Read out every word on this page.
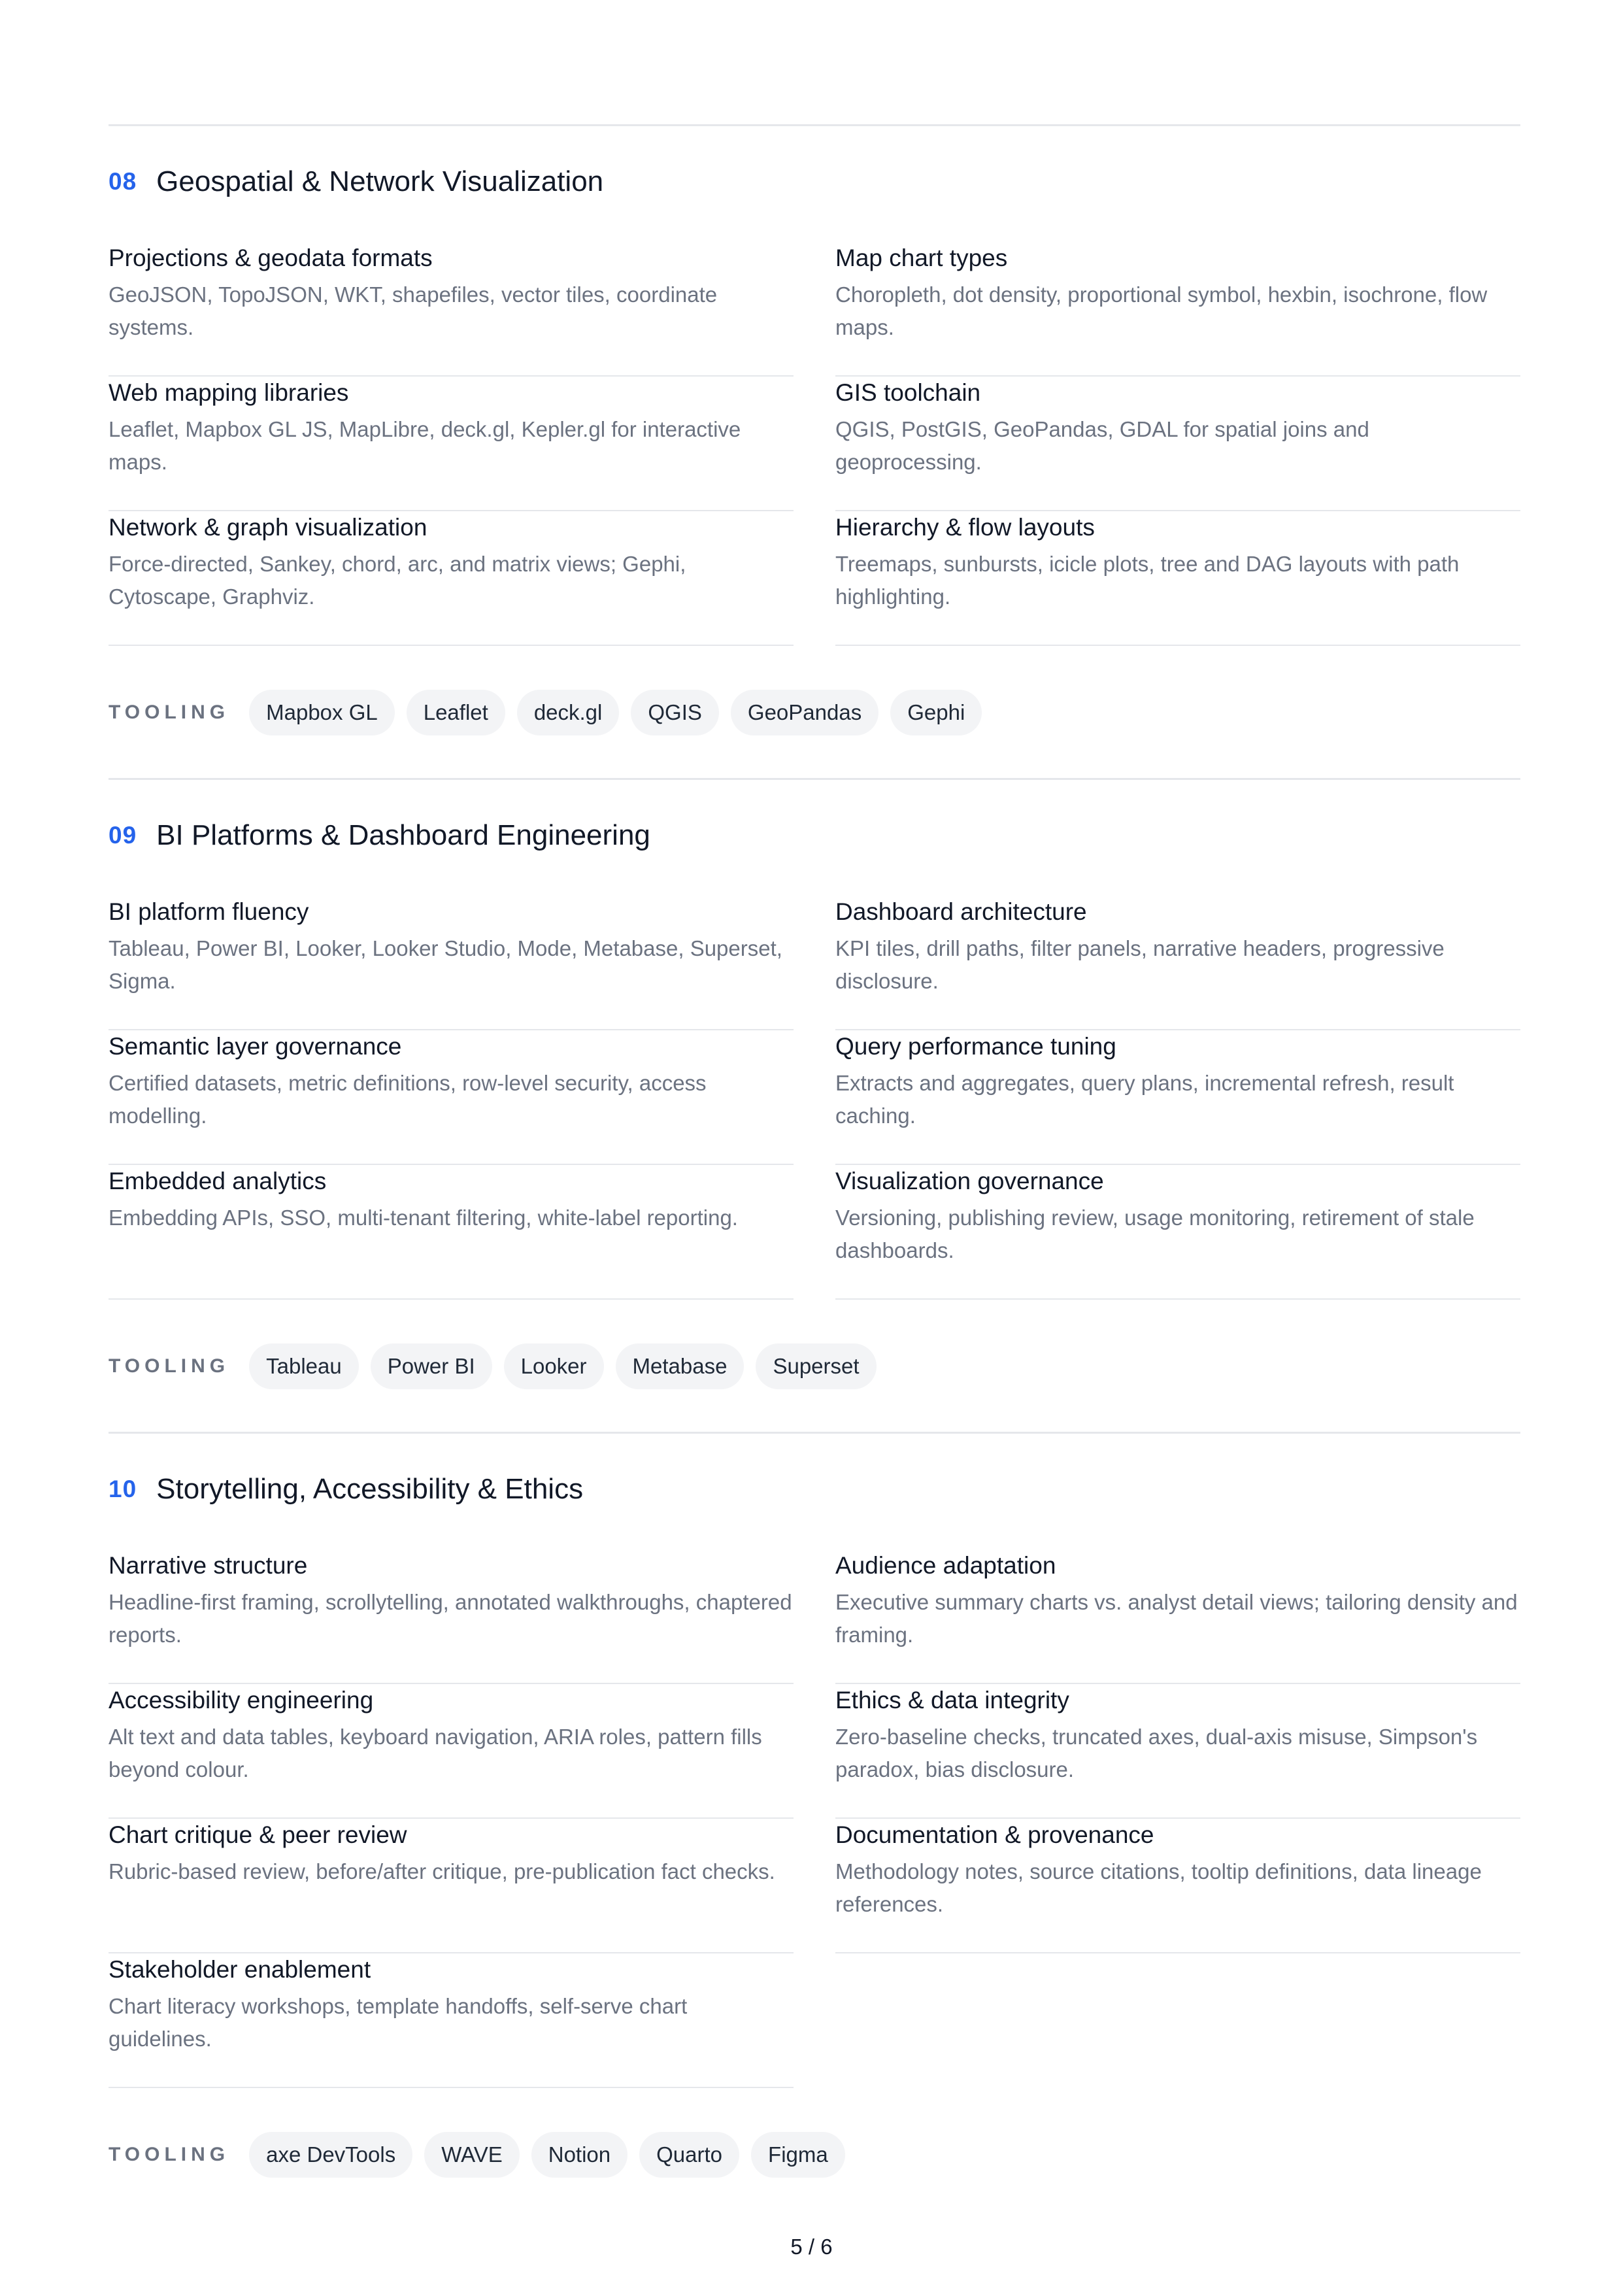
08 Geospatial & Network Visualization
Projections & geodata formats
GeoJSON, TopoJSON, WKT, shapefiles, vector tiles, coordinate systems.
Map chart types
Choropleth, dot density, proportional symbol, hexbin, isochrone, flow maps.
Web mapping libraries
Leaflet, Mapbox GL JS, MapLibre, deck.gl, Kepler.gl for interactive maps.
GIS toolchain
QGIS, PostGIS, GeoPandas, GDAL for spatial joins and geoprocessing.
Network & graph visualization
Force-directed, Sankey, chord, arc, and matrix views; Gephi, Cytoscape, Graphviz.
Hierarchy & flow layouts
Treemaps, sunbursts, icicle plots, tree and DAG layouts with path highlighting.
TOOLING	Mapbox GL	Leaflet	deck.gl	QGIS	GeoPandas	Gephi
09 BI Platforms & Dashboard Engineering
BI platform fluency
Tableau, Power BI, Looker, Looker Studio, Mode, Metabase, Superset, Sigma.
Dashboard architecture
KPI tiles, drill paths, filter panels, narrative headers, progressive disclosure.
Semantic layer governance
Certified datasets, metric definitions, row-level security, access modelling.
Query performance tuning
Extracts and aggregates, query plans, incremental refresh, result caching.
Embedded analytics
Embedding APIs, SSO, multi-tenant filtering, white-label reporting.
Visualization governance
Versioning, publishing review, usage monitoring, retirement of stale dashboards.
TOOLING	Tableau	Power BI	Looker	Metabase	Superset
10 Storytelling, Accessibility & Ethics
Narrative structure
Headline-first framing, scrollytelling, annotated walkthroughs, chaptered reports.
Audience adaptation
Executive summary charts vs. analyst detail views; tailoring density and framing.
Accessibility engineering
Alt text and data tables, keyboard navigation, ARIA roles, pattern fills beyond colour.
Ethics & data integrity
Zero-baseline checks, truncated axes, dual-axis misuse, Simpson's paradox, bias disclosure.
Chart critique & peer review
Rubric-based review, before/after critique, pre-publication fact checks.
Documentation & provenance
Methodology notes, source citations, tooltip definitions, data lineage references.
Stakeholder enablement
Chart literacy workshops, template handoffs, self-serve chart guidelines.
TOOLING	axe DevTools	WAVE	Notion	Quarto	Figma
5 / 6
